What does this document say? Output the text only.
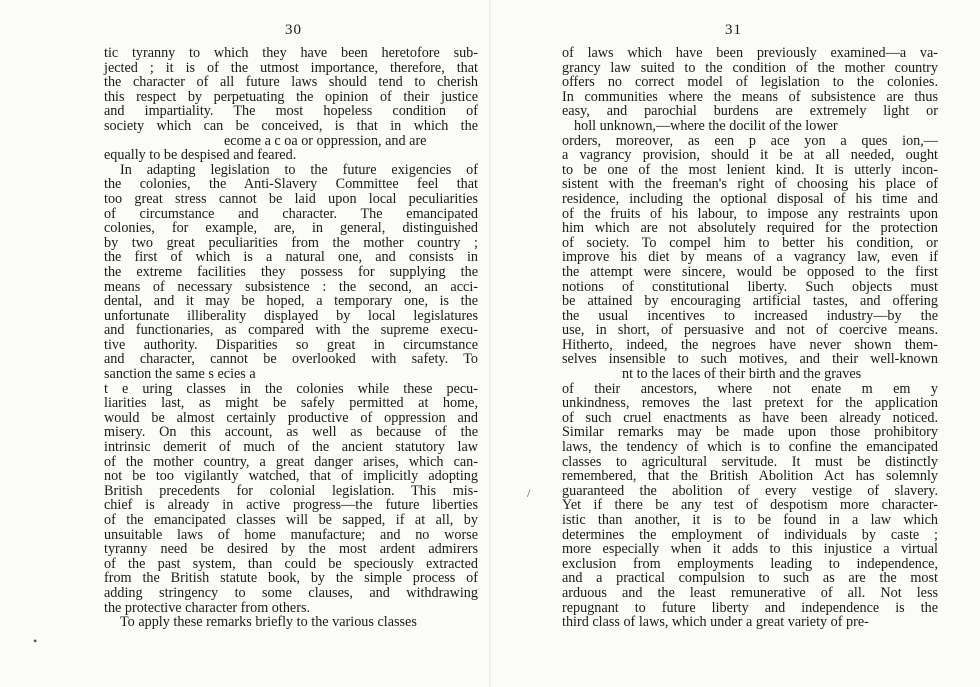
30
tic tyranny to which they have been heretofore sub-
jected ; it is of the utmost importance, therefore, that
the character of all future laws should tend to cherish
this respect by perpetuating the opinion of their justice
and impartiality. The most hopeless condition of
society which can be conceived, is that in which the
ecome a c oa or oppression, and are
equally to be despised and feared.
In adapting legislation to the future exigencies of
the colonies, the Anti-Slavery Committee feel that
too great stress cannot be laid upon local peculiarities
of circumstance and character. The emancipated
colonies, for example, are, in general, distinguished
by two great peculiarities from the mother country ;
the first of which is a natural one, and consists in
the extreme facilities they possess for supplying the
means of necessary subsistence : the second, an acci-
dental, and it may be hoped, a temporary one, is the
unfortunate illiberality displayed by local legislatures
and functionaries, as compared with the supreme execu-
tive authority. Disparities so great in circumstance
and character, cannot be overlooked with safety. To
sanction the same s ecies a
t e uring classes in the colonies while these pecu-
liarities last, as might be safely permitted at home,
would be almost certainly productive of oppression and
misery. On this account, as well as because of the
intrinsic demerit of much of the ancient statutory law
of the mother country, a great danger arises, which can-
not be too vigilantly watched, that of implicitly adopting
British precedents for colonial legislation. This mis-
chief is already in active progress—the future liberties
of the emancipated classes will be sapped, if at all, by
unsuitable laws of home manufacture; and no worse
tyranny need be desired by the most ardent admirers
of the past system, than could be speciously extracted
from the British statute book, by the simple process of
adding stringency to some clauses, and withdrawing
the protective character from others.
To apply these remarks briefly to the various classes
•
31
of laws which have been previously examined—a va-
grancy law suited to the condition of the mother country
offers no correct model of legislation to the colonies.
In communities where the means of subsistence are thus
easy, and parochial burdens are extremely light or
holl unknown,—where the docilit of the lower
orders, moreover, as een p ace yon a ques ion,—
a vagrancy provision, should it be at all needed, ought
to be one of the most lenient kind. It is utterly incon-
sistent with the freeman's right of choosing his place of
residence, including the optional disposal of his time and
of the fruits of his labour, to impose any restraints upon
him which are not absolutely required for the protection
of society. To compel him to better his condition, or
improve his diet by means of a vagrancy law, even if
the attempt were sincere, would be opposed to the first
notions of constitutional liberty. Such objects must
be attained by encouraging artificial tastes, and offering
the usual incentives to increased industry—by the
use, in short, of persuasive and not of coercive means.
Hitherto, indeed, the negroes have never shown them-
selves insensible to such motives, and their well-known
nt to the laces of their birth and the graves
of their ancestors, where not enate m em y
unkindness, removes the last pretext for the application
of such cruel enactments as have been already noticed.
Similar remarks may be made upon those prohibitory
laws, the tendency of which is to confine the emancipated
classes to agricultural servitude. It must be distinctly
remembered, that the British Abolition Act has solemnly
guaranteed the abolition of every vestige of slavery.
Yet if there be any test of despotism more character-
istic than another, it is to be found in a law which
determines the employment of individuals by caste ;
more especially when it adds to this injustice a virtual
exclusion from employments leading to independence,
and a practical compulsion to such as are the most
arduous and the least remunerative of all. Not less
repugnant to future liberty and independence is the
third class of laws, which under a great variety of pre-
/
